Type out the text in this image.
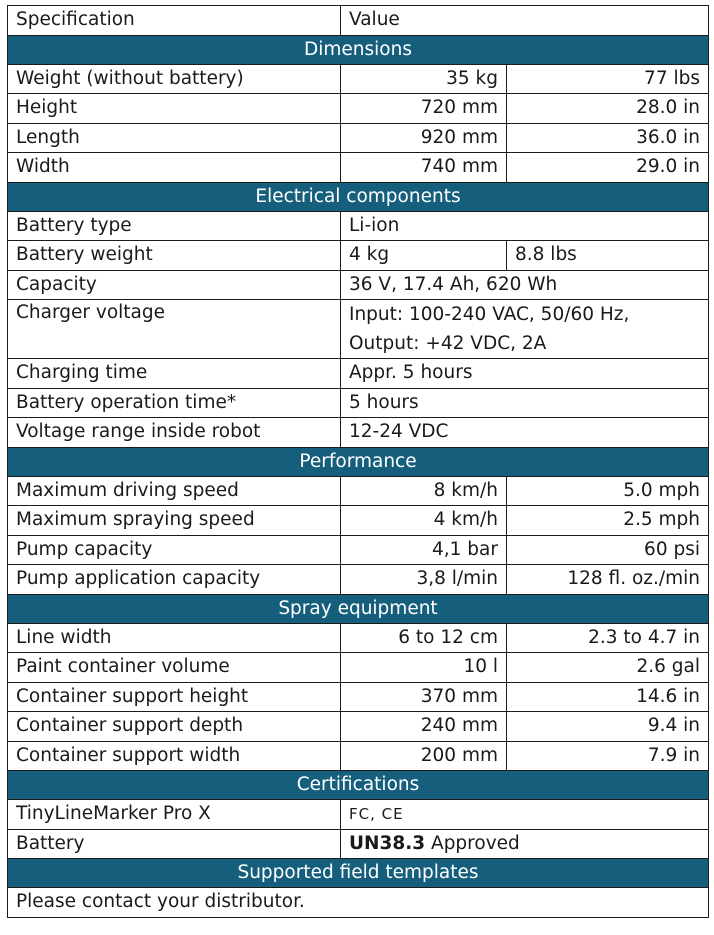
Specification	Value	
Dimensions		
Weight (without battery)	35 kg	77 lbs
Height	720 mm	28.0 in
Length	920 mm	36.0 in
Width	740 mm	29.0 in
Electrical components		
Battery type	Li-ion	
Battery weight	4 kg	8.8 lbs
Capacity	36 V, 17.4 Ah, 620 Wh	
Charger voltage	Input: 100-240 VAC, 50/60 Hz,
Output: +42 VDC, 2A	
Charging time	Appr. 5 hours	
Battery operation time*	5 hours	
Voltage range inside robot	12-24 VDC	
Performance		
Maximum driving speed	8 km/h	5.0 mph
Maximum spraying speed	4 km/h	2.5 mph
Pump capacity	4,1 bar	60 psi
Pump application capacity	3,8 l/min	128 fl. oz./min
Spray equipment		
Line width	6 to 12 cm	2.3 to 4.7 in
Paint container volume	10 l	2.6 gal
Container support height	370 mm	14.6 in
Container support depth	240 mm	9.4 in
Container support width	200 mm	7.9 in
Certifications		
TinyLineMarker Pro X	FC, CE	
Battery	UN38.3 Approved	
Supported field templates		
Please contact your distributor.		
